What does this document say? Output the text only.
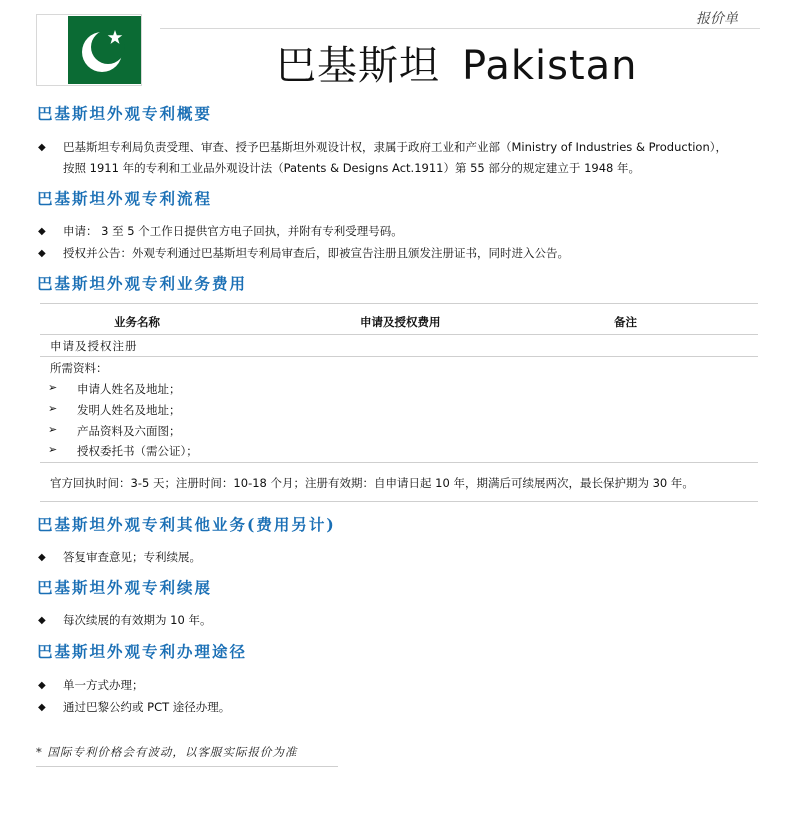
报价单
巴基斯坦 Pakistan
巴基斯坦外观专利概要
◆ 巴基斯坦专利局负责受理、审查、授予巴基斯坦外观设计权，隶属于政府工业和产业部（Ministry of Industries & Production），
按照 1911 年的专利和工业品外观设计法（Patents & Designs Act.1911）第 55 部分的规定建立于 1948 年。
巴基斯坦外观专利流程
◆ 申请： 3 至 5 个工作日提供官方电子回执，并附有专利受理号码。
◆ 授权并公告：外观专利通过巴基斯坦专利局审查后，即被宣告注册且颁发注册证书，同时进入公告。
巴基斯坦外观专利业务费用
业务名称	申请及授权费用	备注
申请及授权注册
所需资料：
➢ 申请人姓名及地址；
➢ 发明人姓名及地址；
➢ 产品资料及六面图；
➢ 授权委托书（需公证）；
官方回执时间：3-5 天；注册时间：10-18 个月；注册有效期：自申请日起 10 年，期满后可续展两次，最长保护期为 30 年。
巴基斯坦外观专利其他业务(费用另计)
◆ 答复审查意见；专利续展。
巴基斯坦外观专利续展
◆ 每次续展的有效期为 10 年。
巴基斯坦外观专利办理途径
◆ 单一方式办理；
◆ 通过巴黎公约或 PCT 途径办理。
* 国际专利价格会有波动，以客服实际报价为准
